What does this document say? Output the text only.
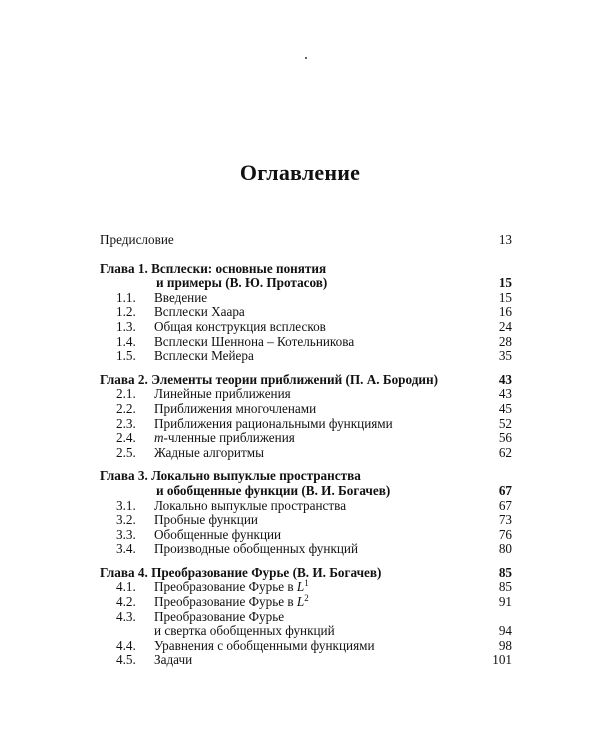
Оглавление
Предисловие	13
Глава 1. Всплески: основные понятия
и примеры (В. Ю. Протасов)	15
1.1.	Введение	15
1.2.	Всплески Хаара	16
1.3.	Общая конструкция всплесков	24
1.4.	Всплески Шеннона – Котельникова	28
1.5.	Всплески Мейера	35
Глава 2. Элементы теории приближений (П. А. Бородин)	43
2.1.	Линейные приближения	43
2.2.	Приближения многочленами	45
2.3.	Приближения рациональными функциями	52
2.4.	m-членные приближения	56
2.5.	Жадные алгоритмы	62
Глава 3. Локально выпуклые пространства
и обобщенные функции (В. И. Богачев)	67
3.1.	Локально выпуклые пространства	67
3.2.	Пробные функции	73
3.3.	Обобщенные функции	76
3.4.	Производные обобщенных функций	80
Глава 4. Преобразование Фурье (В. И. Богачев)	85
4.1.	Преобразование Фурье в $L^1$	85
4.2.	Преобразование Фурье в $L^2$	91
4.3.	Преобразование Фурье
и свертка обобщенных функций	94
4.4.	Уравнения с обобщенными функциями	98
4.5.	Задачи	101
